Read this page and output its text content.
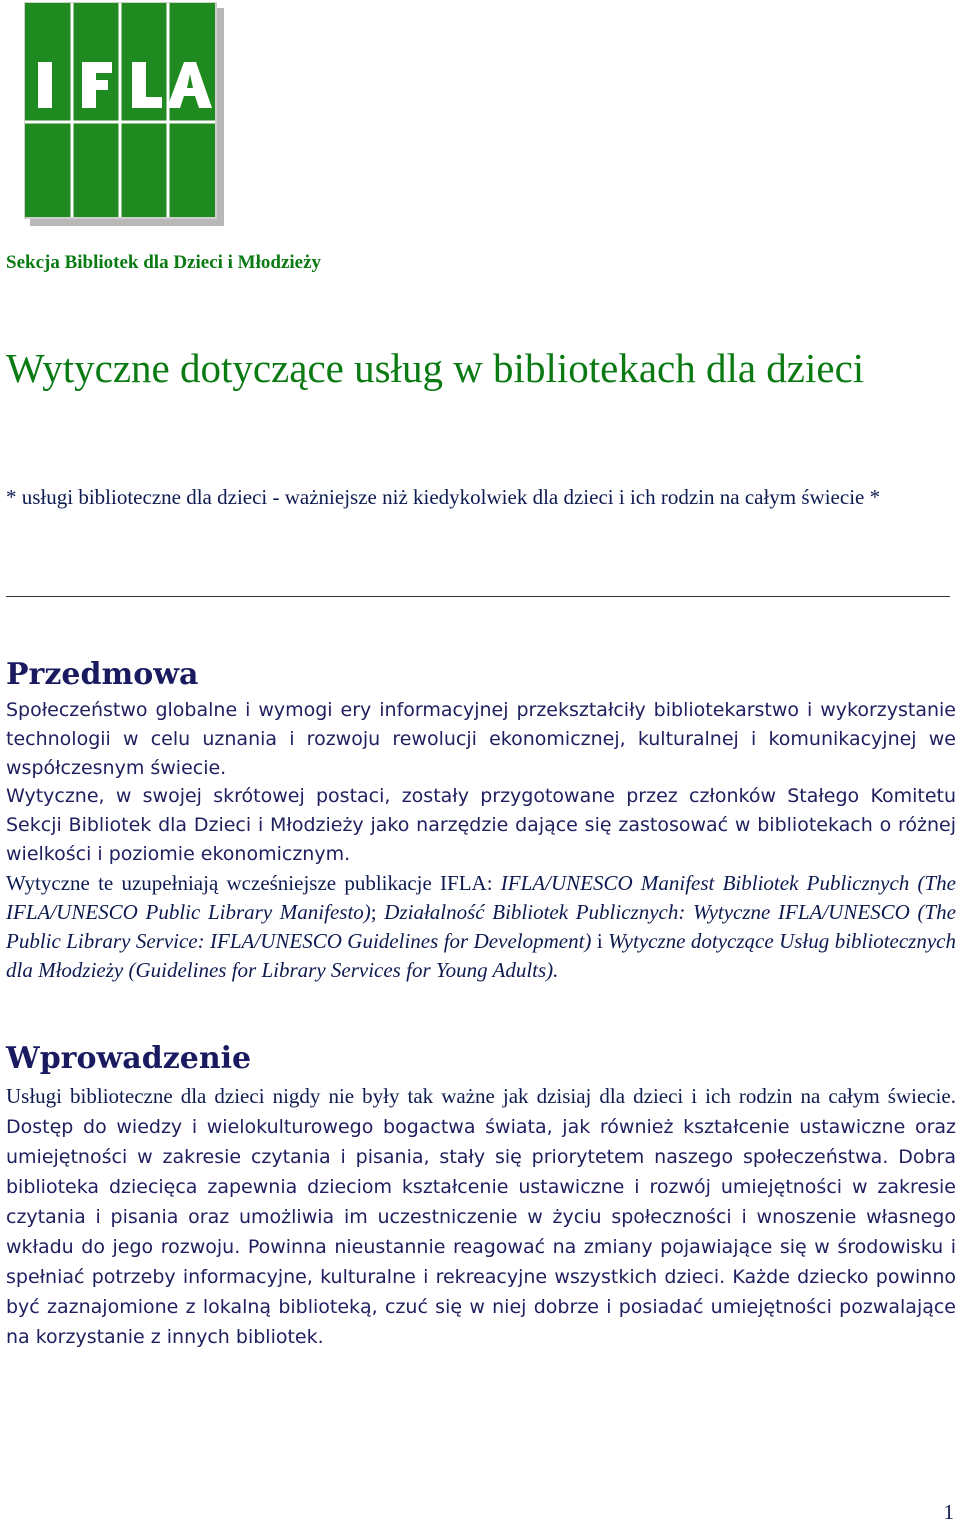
Sekcja Bibliotek dla Dzieci i Młodzieży
Wytyczne dotyczące usług w bibliotekach dla dzieci
* usługi biblioteczne dla dzieci - ważniejsze niż kiedykolwiek dla dzieci i ich rodzin na całym świecie *
Przedmowa

Społeczeństwo globalne i wymogi ery informacyjnej przekształciły bibliotekarstwo i wykorzystanie technologii w celu uznania i rozwoju rewolucji ekonomicznej, kulturalnej i komunikacyjnej we współczesnym świecie.

Wytyczne, w swojej skrótowej postaci, zostały przygotowane przez członków Stałego Komitetu Sekcji Bibliotek dla Dzieci i Młodzieży jako narzędzie dające się zastosować w bibliotekach o różnej wielkości i poziomie ekonomicznym.

Wytyczne te uzupełniają wcześniejsze publikacje IFLA: IFLA/UNESCO Manifest Bibliotek Publicznych (The IFLA/UNESCO Public Library Manifesto); Działalność Bibliotek Publicznych: Wytyczne IFLA/UNESCO (The Public Library Service: IFLA/UNESCO Guidelines for Development) i Wytyczne dotyczące Usług bibliotecznych dla Młodzieży (Guidelines for Library Services for Young Adults).

Wprowadzenie

Usługi biblioteczne dla dzieci nigdy nie były tak ważne jak dzisiaj dla dzieci i ich rodzin na całym świecie. Dostęp do wiedzy i wielokulturowego bogactwa świata, jak również kształcenie ustawiczne oraz umiejętności w zakresie czytania i pisania, stały się priorytetem naszego społeczeństwa. Dobra biblioteka dziecięca zapewnia dzieciom kształcenie ustawiczne i rozwój umiejętności w zakresie czytania i pisania oraz umożliwia im uczestniczenie w życiu społeczności i wnoszenie własnego wkładu do jego rozwoju. Powinna nieustannie reagować na zmiany pojawiające się w środowisku i spełniać potrzeby informacyjne, kulturalne i rekreacyjne wszystkich dzieci. Każde dziecko powinno być zaznajomione z lokalną biblioteką, czuć się w niej dobrze i posiadać umiejętności pozwalające na korzystanie z innych bibliotek.

1
